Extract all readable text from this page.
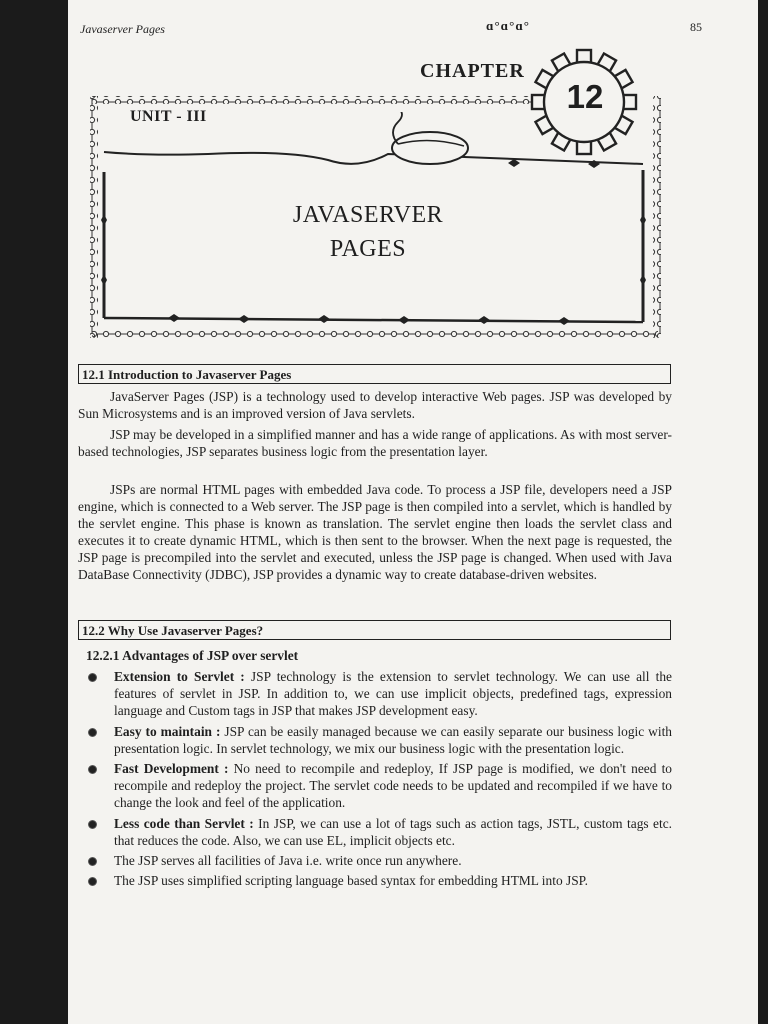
Javaserver Pages	ɑ°ɑ°ɑ°	85
CHAPTER
12
UNIT - III
JAVASERVER
PAGES
12.1 Introduction to Javaserver Pages

JavaServer Pages (JSP) is a technology used to develop interactive Web pages. JSP was developed by Sun Microsystems and is an improved version of Java servlets.

JSP may be developed in a simplified manner and has a wide range of applications. As with most server-based technologies, JSP separates business logic from the presentation layer.

JSPs are normal HTML pages with embedded Java code. To process a JSP file, developers need a JSP engine, which is connected to a Web server. The JSP page is then compiled into a servlet, which is handled by the servlet engine. This phase is known as translation. The servlet engine then loads the servlet class and executes it to create dynamic HTML, which is then sent to the browser. When the next page is requested, the JSP page is precompiled into the servlet and executed, unless the JSP page is changed. When used with Java DataBase Connectivity (JDBC), JSP provides a dynamic way to create database-driven websites.

12.2 Why Use Javaserver Pages?
12.2.1 Advantages of JSP over servlet
Extension to Servlet : JSP technology is the extension to servlet technology. We can use all the features of servlet in JSP. In addition to, we can use implicit objects, predefined tags, expression language and Custom tags in JSP that makes JSP development easy.
Easy to maintain : JSP can be easily managed because we can easily separate our business logic with presentation logic. In servlet technology, we mix our business logic with the presentation logic.
Fast Development : No need to recompile and redeploy, If JSP page is modified, we don't need to recompile and redeploy the project. The servlet code needs to be updated and recompiled if we have to change the look and feel of the application.
Less code than Servlet : In JSP, we can use a lot of tags such as action tags, JSTL, custom tags etc. that reduces the code. Also, we can use EL, implicit objects etc.
The JSP serves all facilities of Java i.e. write once run anywhere.
The JSP uses simplified scripting language based syntax for embedding HTML into JSP.
